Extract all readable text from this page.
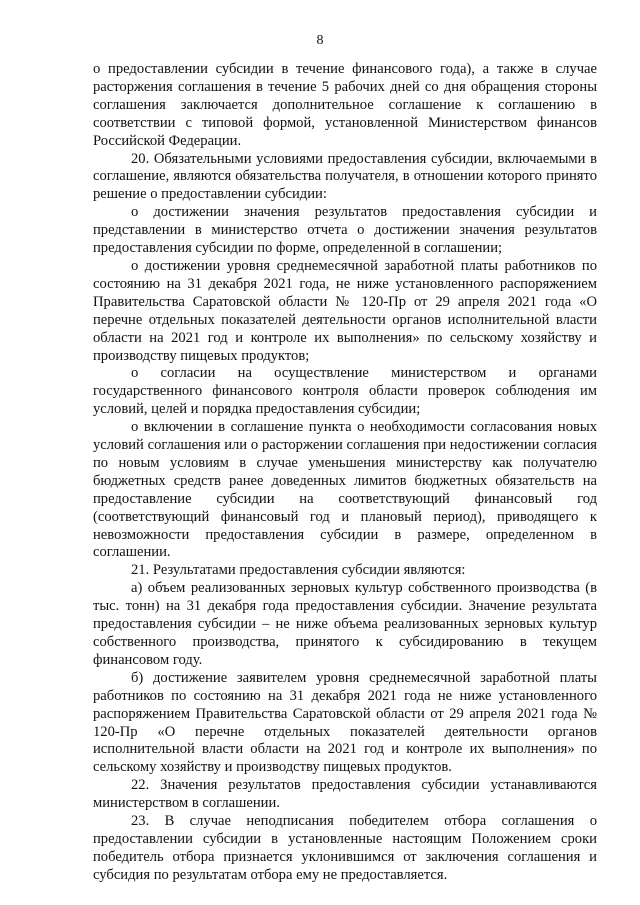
8

о предоставлении субсидии в течение финансового года), а также в случае расторжения соглашения в течение 5 рабочих дней со дня обращения стороны соглашения заключается дополнительное соглашение к соглашению в соответствии с типовой формой, установленной Министерством финансов Российской Федерации.

20. Обязательными условиями предоставления субсидии, включаемыми в соглашение, являются обязательства получателя, в отношении которого принято решение о предоставлении субсидии:

о достижении значения результатов предоставления субсидии и представлении в министерство отчета о достижении значения результатов предоставления субсидии по форме, определенной в соглашении;

о достижении уровня среднемесячной заработной платы работников по состоянию на 31 декабря 2021 года, не ниже установленного распоряжением Правительства Саратовской области № 120-Пр от 29 апреля 2021 года «О перечне отдельных показателей деятельности органов исполнительной власти области на 2021 год и контроле их выполнения» по сельскому хозяйству и производству пищевых продуктов;

о согласии на осуществление министерством и органами государственного финансового контроля области проверок соблюдения им условий, целей и порядка предоставления субсидии;

о включении в соглашение пункта о необходимости согласования новых условий соглашения или о расторжении соглашения при недостижении согласия по новым условиям в случае уменьшения министерству как получателю бюджетных средств ранее доведенных лимитов бюджетных обязательств на предоставление субсидии на соответствующий финансовый год (соответствующий финансовый год и плановый период), приводящего к невозможности предоставления субсидии в размере, определенном в соглашении.

21. Результатами предоставления субсидии являются:

а) объем реализованных зерновых культур собственного производства (в тыс. тонн) на 31 декабря года предоставления субсидии. Значение результата предоставления субсидии – не ниже объема реализованных зерновых культур собственного производства, принятого к субсидированию в текущем финансовом году.

б) достижение заявителем уровня среднемесячной заработной платы работников по состоянию на 31 декабря 2021 года не ниже установленного распоряжением Правительства Саратовской области от 29 апреля 2021 года № 120-Пр «О перечне отдельных показателей деятельности органов исполнительной власти области на 2021 год и контроле их выполнения» по сельскому хозяйству и производству пищевых продуктов.

22. Значения результатов предоставления субсидии устанавливаются министерством в соглашении.

23. В случае неподписания победителем отбора соглашения о предоставлении субсидии в установленные настоящим Положением сроки победитель отбора признается уклонившимся от заключения соглашения и субсидия по результатам отбора ему не предоставляется.
